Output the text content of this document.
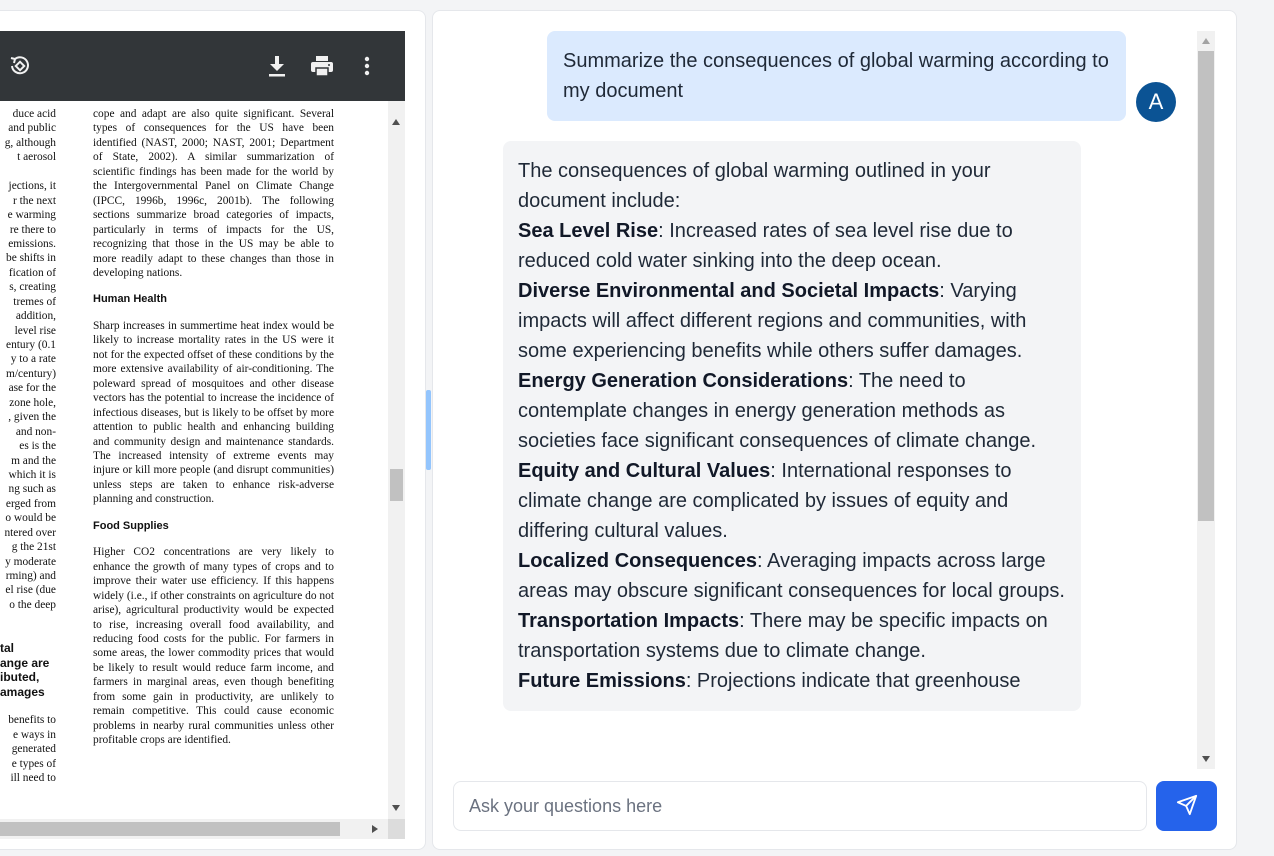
duce acid
and public
g, although
t aerosol

jections, it
r the next
e warming
re there to
emissions.
be shifts in
fication of
s, creating
tremes of
addition,
level rise
entury (0.1
y to a rate
m/century)
ase for the
zone hole,
, given the
and non-
es is the
m and the
which it is
ng such as
erged from
o would be
ntered over
g the 21st
y moderate
rming) and
el rise (due
o the deep

tal
ange are
ibuted,
amages

benefits to
e ways in
generated
e types of
ill need to

cope and adapt are also quite significant. Several types of consequences for the US have been identified (NAST, 2000; NAST, 2001; Department of State, 2002). A similar summarization of scientific findings has been made for the world by the Intergovernmental Panel on Climate Change (IPCC, 1996b, 1996c, 2001b). The following sections summarize broad categories of impacts, particularly in terms of impacts for the US, recognizing that those in the US may be able to more readily adapt to these changes than those in developing nations.

Human Health

Sharp increases in summertime heat index would be likely to increase mortality rates in the US were it not for the expected offset of these conditions by the more extensive availability of air-conditioning. The poleward spread of mosquitoes and other disease vectors has the potential to increase the incidence of infectious diseases, but is likely to be offset by more attention to public health and enhancing building and community design and maintenance standards. The increased intensity of extreme events may injure or kill more people (and disrupt communities) unless steps are taken to enhance risk-adverse planning and construction.

Food Supplies

Higher CO2 concentrations are very likely to enhance the growth of many types of crops and to improve their water use efficiency. If this happens widely (i.e., if other constraints on agriculture do not arise), agricultural productivity would be expected to rise, increasing overall food availability, and reducing food costs for the public. For farmers in some areas, the lower commodity prices that would be likely to result would reduce farm income, and farmers in marginal areas, even though benefiting from some gain in productivity, are unlikely to remain competitive. This could cause economic problems in nearby rural communities unless other profitable crops are identified.

Summarize the consequences of global warming according to my document	A
The consequences of global warming outlined in your document include:
Sea Level Rise: Increased rates of sea level rise due to reduced cold water sinking into the deep ocean.
Diverse Environmental and Societal Impacts: Varying impacts will affect different regions and communities, with some experiencing benefits while others suffer damages.
Energy Generation Considerations: The need to contemplate changes in energy generation methods as societies face significant consequences of climate change.
Equity and Cultural Values: International responses to climate change are complicated by issues of equity and differing cultural values.
Localized Consequences: Averaging impacts across large areas may obscure significant consequences for local groups.
Transportation Impacts: There may be specific impacts on transportation systems due to climate change.
Future Emissions: Projections indicate that greenhouse
Ask your questions here
